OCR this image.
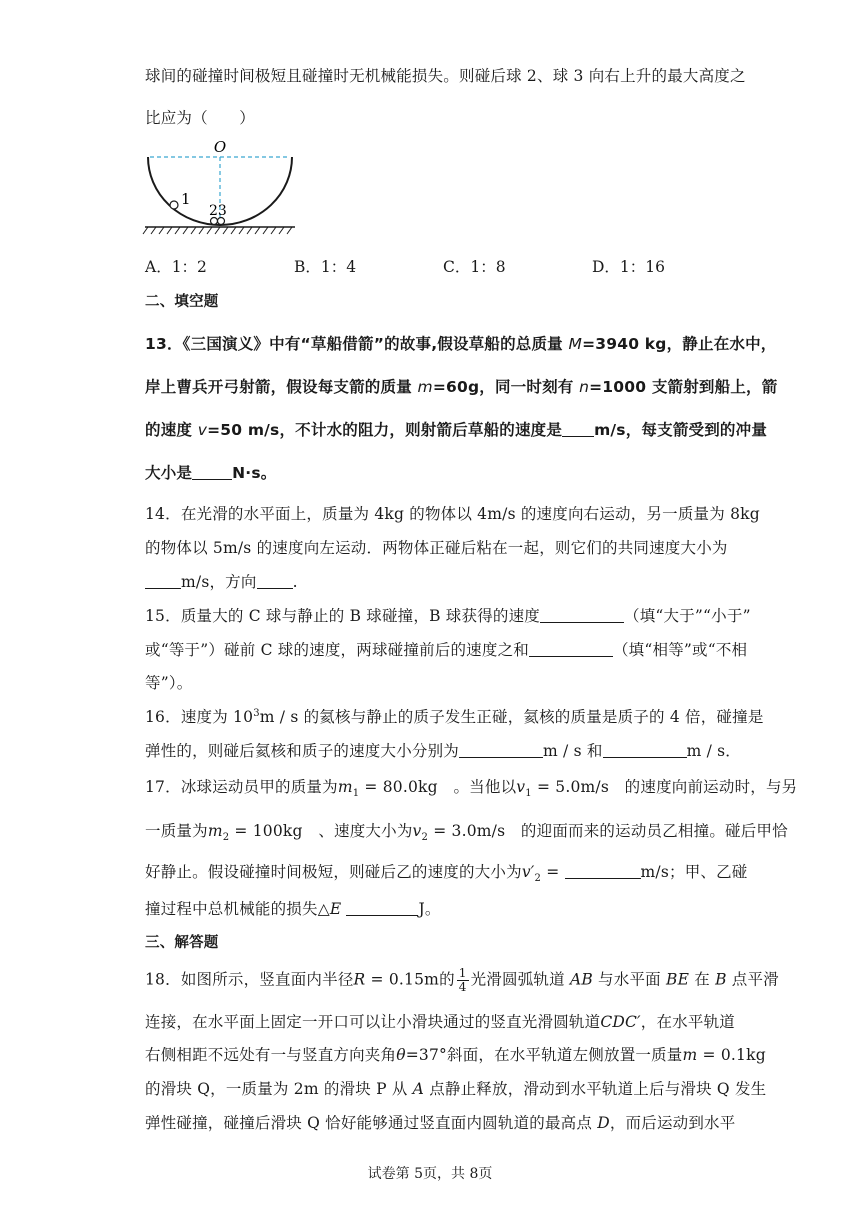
球间的碰撞时间极短且碰撞时无机械能损失。则碰后球 2、球 3 向右上升的最大高度之
比应为（　　）
O
1
23
A．1：2	B．1：4	C．1：8	D．1：16
二、填空题
13．《三国演义》中有“草船借箭”的故事,假设草船的总质量 M=3940 kg，静止在水中，
岸上曹兵开弓射箭，假设每支箭的质量 m=60g，同一时刻有 n=1000 支箭射到船上，箭
的速度 v=50 m/s，不计水的阻力，则射箭后草船的速度是 m/s，每支箭受到的冲量
大小是	N·s。
14．在光滑的水平面上，质量为 4kg 的物体以 4m/s 的速度向右运动，另一质量为 8kg
的物体以 5m/s 的速度向左运动．两物体正碰后粘在一起，则它们的共同速度大小为
m/s，方向 .
15．质量大的 C 球与静止的 B 球碰撞，B 球获得的速度	（填“大于”“小于”
或“等于”）碰前 C 球的速度，两球碰撞前后的速度之和	（填“相等”或“不相
等”）。
16．速度为 $10^3m$ / s 的氦核与静止的质子发生正碰，氦核的质量是质子的 4 倍，碰撞是
弹性的，则碰后氦核和质子的速度大小分别为	m / s 和	m / s．
17．冰球运动员甲的质量为$m_1 = 80.0kg$　。当他以$v_1 = 5.0m/s$　的速度向前运动时，与另
一质量为$m_2 = 100kg$　、速度大小为$v_2 = 3.0m/s$　的迎面而来的运动员乙相撞。碰后甲恰
好静止。假设碰撞时间极短，则碰后乙的速度的大小为$v'_2$ =	m/s；甲、乙碰
撞过程中总机械能的损失△E	J。
三、解答题
18．如图所示，竖直面内半径R = 0.15m的 $\frac{1}{4}$ 光滑圆弧轨道 AB 与水平面 BE 在 B 点平滑
连接，在水平面上固定一开口可以让小滑块通过的竖直光滑圆轨道CDC′，在水平轨道
右侧相距不远处有一与竖直方向夹角θ=37°斜面，在水平轨道左侧放置一质量m = 0.1kg
的滑块 Q，一质量为 2m 的滑块 P 从 A 点静止释放，滑动到水平轨道上后与滑块 Q 发生
弹性碰撞，碰撞后滑块 Q 恰好能够通过竖直面内圆轨道的最高点 D，而后运动到水平
试卷第 5页，共 8页
